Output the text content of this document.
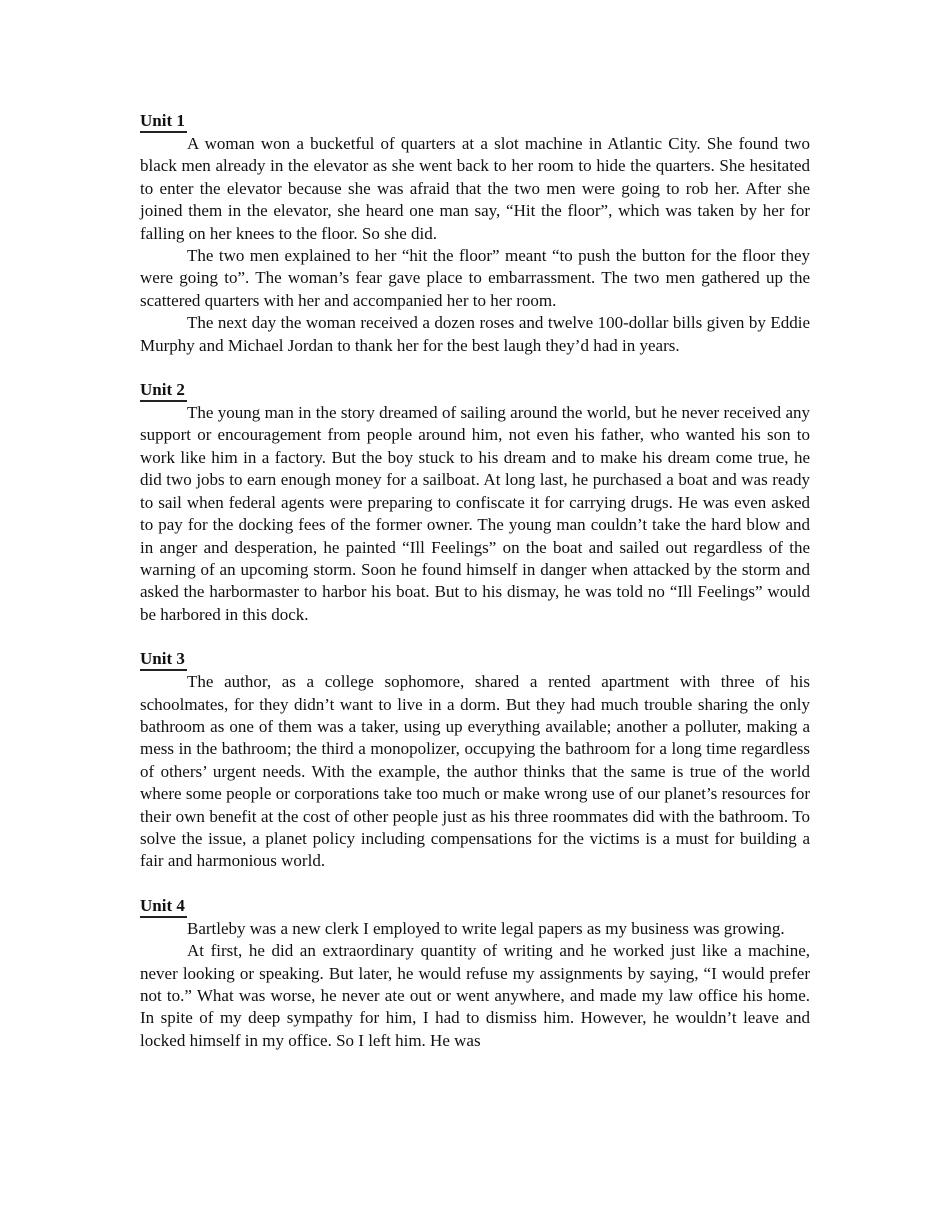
Unit 1

A woman won a bucketful of quarters at a slot machine in Atlantic City. She found two black men already in the elevator as she went back to her room to hide the quarters. She hesitated to enter the elevator because she was afraid that the two men were going to rob her. After she joined them in the elevator, she heard one man say, “Hit the floor”, which was taken by her for falling on her knees to the floor. So she did.

The two men explained to her “hit the floor” meant “to push the button for the floor they were going to”. The woman’s fear gave place to embarrassment. The two men gathered up the scattered quarters with her and accompanied her to her room.

The next day the woman received a dozen roses and twelve 100-dollar bills given by Eddie Murphy and Michael Jordan to thank her for the best laugh they’d had in years.

Unit 2

The young man in the story dreamed of sailing around the world, but he never received any support or encouragement from people around him, not even his father, who wanted his son to work like him in a factory. But the boy stuck to his dream and to make his dream come true, he did two jobs to earn enough money for a sailboat. At long last, he purchased a boat and was ready to sail when federal agents were preparing to confiscate it for carrying drugs. He was even asked to pay for the docking fees of the former owner. The young man couldn’t take the hard blow and in anger and desperation, he painted “Ill Feelings” on the boat and sailed out regardless of the warning of an upcoming storm. Soon he found himself in danger when attacked by the storm and asked the harbormaster to harbor his boat. But to his dismay, he was told no “Ill Feelings” would be harbored in this dock.

Unit 3

The author, as a college sophomore, shared a rented apartment with three of his schoolmates, for they didn’t want to live in a dorm. But they had much trouble sharing the only bathroom as one of them was a taker, using up everything available; another a polluter, making a mess in the bathroom; the third a monopolizer, occupying the bathroom for a long time regardless of others’ urgent needs. With the example, the author thinks that the same is true of the world where some people or corporations take too much or make wrong use of our planet’s resources for their own benefit at the cost of other people just as his three roommates did with the bathroom. To solve the issue, a planet policy including compensations for the victims is a must for building a fair and harmonious world.

Unit 4

Bartleby was a new clerk I employed to write legal papers as my business was growing.

At first, he did an extraordinary quantity of writing and he worked just like a machine, never looking or speaking. But later, he would refuse my assignments by saying, “I would prefer not to.” What was worse, he never ate out or went anywhere, and made my law office his home. In spite of my deep sympathy for him, I had to dismiss him. However, he wouldn’t leave and locked himself in my office. So I left him. He was
